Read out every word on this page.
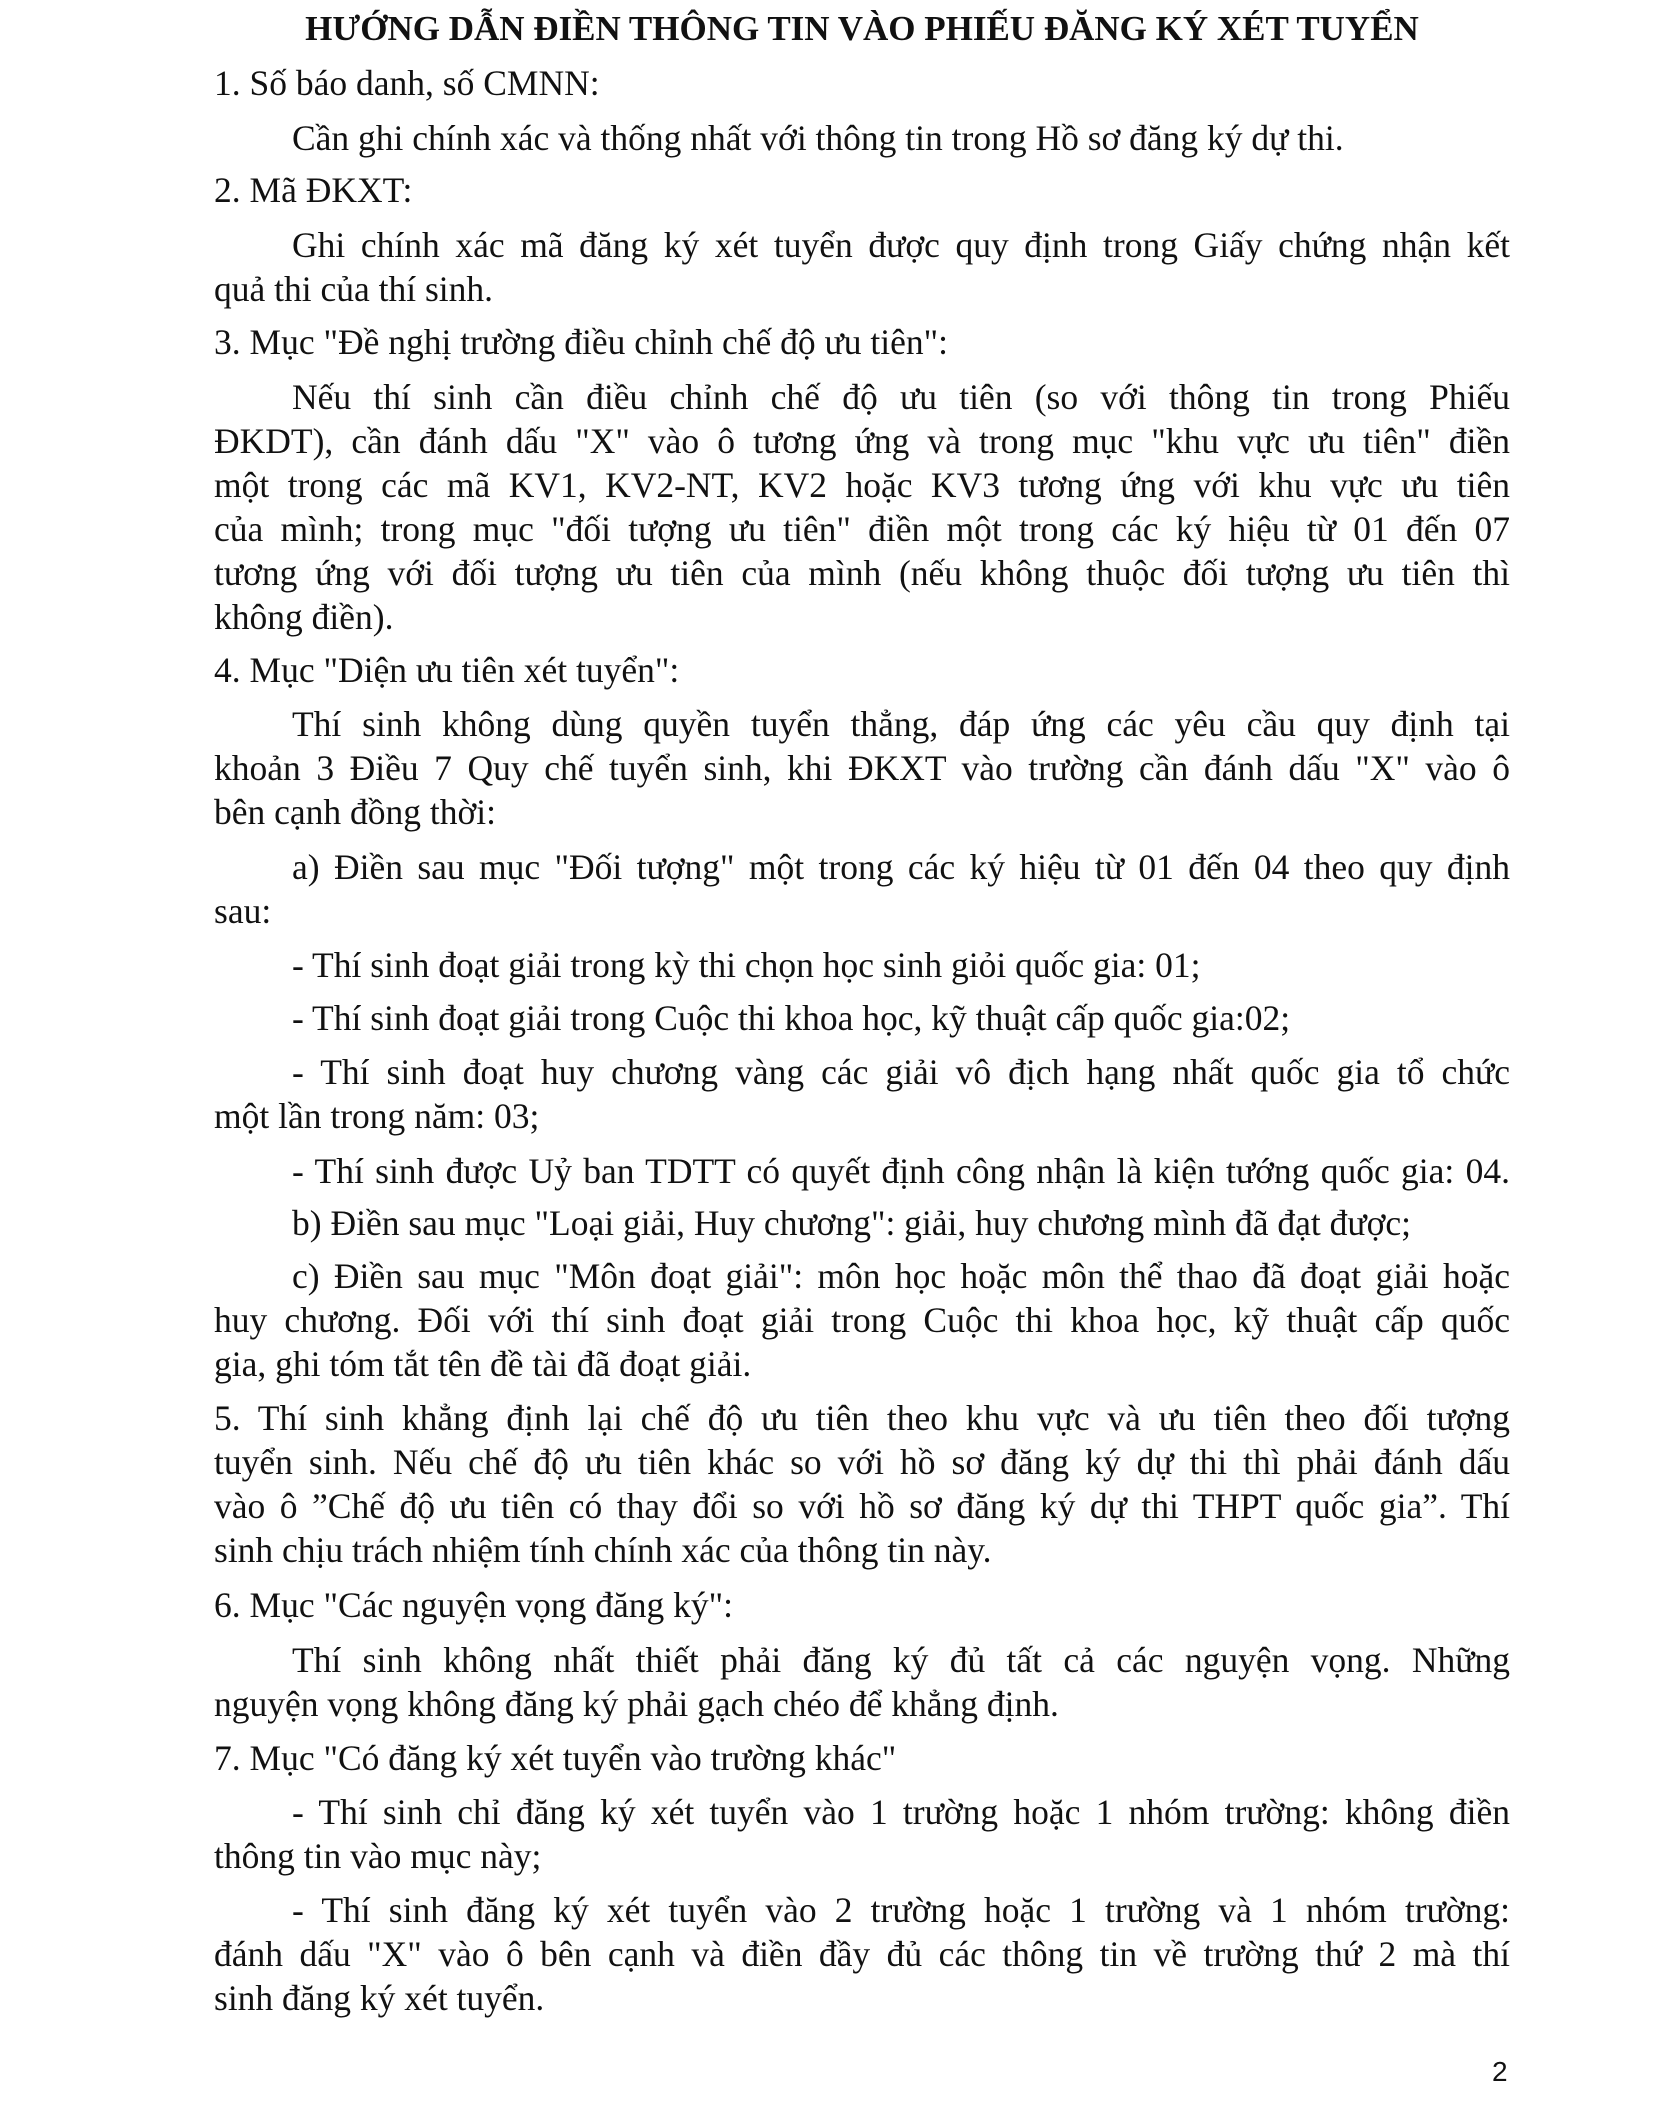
HƯỚNG DẪN ĐIỀN THÔNG TIN VÀO PHIẾU ĐĂNG KÝ XÉT TUYỂN
1. Số báo danh, số CMNN:
Cần ghi chính xác và thống nhất với thông tin trong Hồ sơ đăng ký dự thi.
2. Mã ĐKXT:
Ghi chính xác mã đăng ký xét tuyển được quy định trong Giấy chứng nhận kết
quả thi của thí sinh.
3. Mục "Đề nghị trường điều chỉnh chế độ ưu tiên":
Nếu thí sinh cần điều chỉnh chế độ ưu tiên (so với thông tin trong Phiếu
ĐKDT), cần đánh dấu "X" vào ô tương ứng và trong mục "khu vực ưu tiên" điền
một trong các mã KV1, KV2-NT, KV2 hoặc KV3 tương ứng với khu vực ưu tiên
của mình; trong mục "đối tượng ưu tiên" điền một trong các ký hiệu từ 01 đến 07
tương ứng với đối tượng ưu tiên của mình (nếu không thuộc đối tượng ưu tiên thì
không điền).
4. Mục "Diện ưu tiên xét tuyển":
Thí sinh không dùng quyền tuyển thẳng, đáp ứng các yêu cầu quy định tại
khoản 3 Điều 7 Quy chế tuyển sinh, khi ĐKXT vào trường cần đánh dấu "X" vào ô
bên cạnh đồng thời:
a) Điền sau mục "Đối tượng" một trong các ký hiệu từ 01 đến 04 theo quy định
sau:
- Thí sinh đoạt giải trong kỳ thi chọn học sinh giỏi quốc gia: 01;
- Thí sinh đoạt giải trong Cuộc thi khoa học, kỹ thuật cấp quốc gia:02;
- Thí sinh đoạt huy chương vàng các giải vô địch hạng nhất quốc gia tổ chức
một lần trong năm: 03;
- Thí sinh được Uỷ ban TDTT có quyết định công nhận là kiện tướng quốc gia: 04.
b) Điền sau mục "Loại giải, Huy chương": giải, huy chương mình đã đạt được;
c) Điền sau mục "Môn đoạt giải": môn học hoặc môn thể thao đã đoạt giải hoặc
huy chương. Đối với thí sinh đoạt giải trong Cuộc thi khoa học, kỹ thuật cấp quốc
gia, ghi tóm tắt tên đề tài đã đoạt giải.
5. Thí sinh khẳng định lại chế độ ưu tiên theo khu vực và ưu tiên theo đối tượng
tuyển sinh. Nếu chế độ ưu tiên khác so với hồ sơ đăng ký dự thi thì phải đánh dấu
vào ô ”Chế độ ưu tiên có thay đổi so với hồ sơ đăng ký dự thi THPT quốc gia”. Thí
sinh chịu trách nhiệm tính chính xác của thông tin này.
6. Mục "Các nguyện vọng đăng ký":
Thí sinh không nhất thiết phải đăng ký đủ tất cả các nguyện vọng. Những
nguyện vọng không đăng ký phải gạch chéo để khẳng định.
7. Mục "Có đăng ký xét tuyển vào trường khác"
- Thí sinh chỉ đăng ký xét tuyển vào 1 trường hoặc 1 nhóm trường: không điền
thông tin vào mục này;
- Thí sinh đăng ký xét tuyển vào 2 trường hoặc 1 trường và 1 nhóm trường:
đánh dấu "X" vào ô bên cạnh và điền đầy đủ các thông tin về trường thứ 2 mà thí
sinh đăng ký xét tuyển.
2
